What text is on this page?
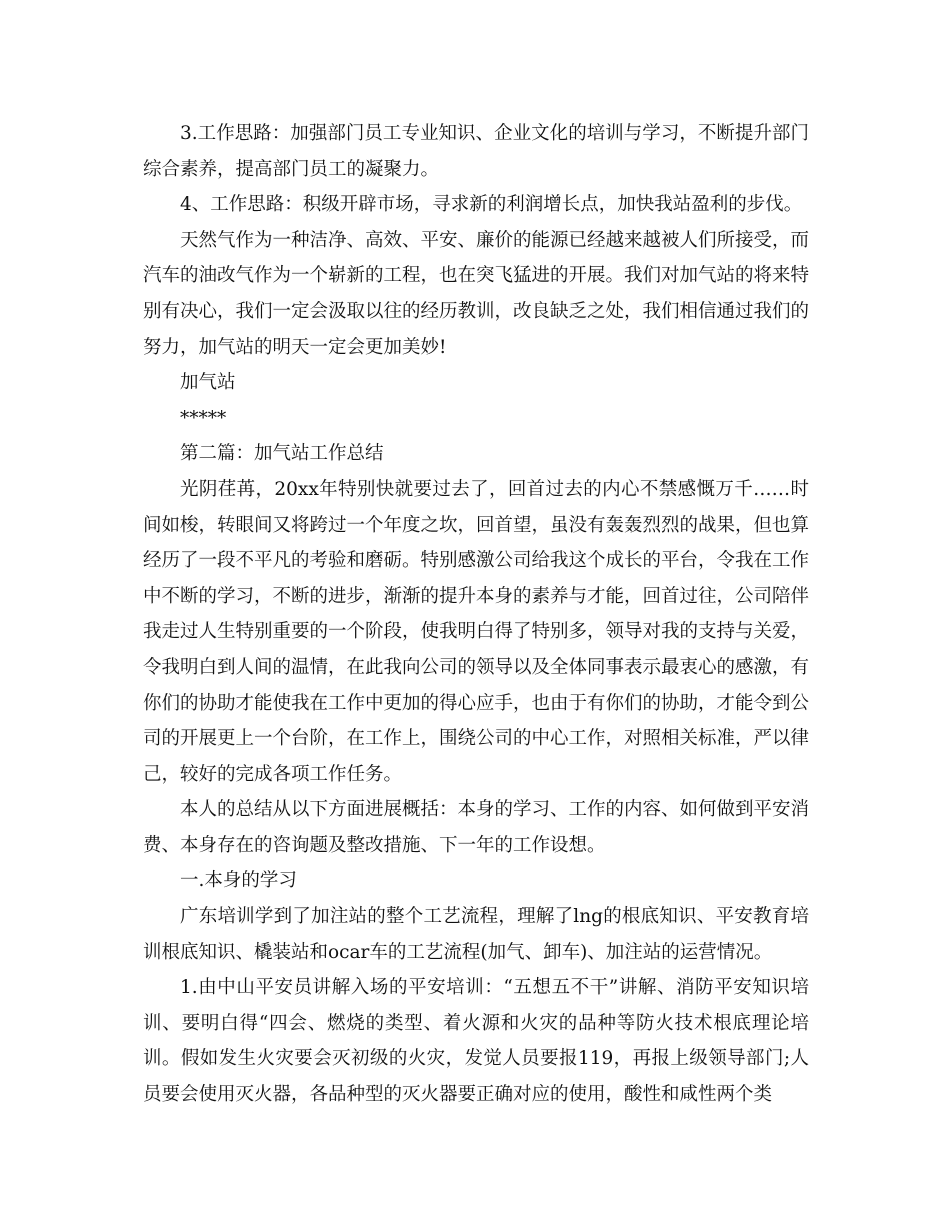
3.工作思路：加强部门员工专业知识、企业文化的培训与学习，不断提升部门综合素养，提高部门员工的凝聚力。

4、工作思路：积级开辟市场，寻求新的利润增长点，加快我站盈利的步伐。

天然气作为一种洁净、高效、平安、廉价的能源已经越来越被人们所接受，而汽车的油改气作为一个崭新的工程，也在突飞猛进的开展。我们对加气站的将来特别有决心，我们一定会汲取以往的经历教训，改良缺乏之处，我们相信通过我们的努力，加气站的明天一定会更加美妙!

加气站

*****

第二篇：加气站工作总结

光阴荏苒，20xx年特别快就要过去了，回首过去的内心不禁感慨万千……时间如梭，转眼间又将跨过一个年度之坎，回首望，虽没有轰轰烈烈的战果，但也算经历了一段不平凡的考验和磨砺。特别感激公司给我这个成长的平台，令我在工作中不断的学习，不断的进步，渐渐的提升本身的素养与才能，回首过往，公司陪伴我走过人生特别重要的一个阶段，使我明白得了特别多，领导对我的支持与关爱，令我明白到人间的温情，在此我向公司的领导以及全体同事表示最衷心的感激，有你们的协助才能使我在工作中更加的得心应手，也由于有你们的协助，才能令到公司的开展更上一个台阶，在工作上，围绕公司的中心工作，对照相关标准，严以律己，较好的完成各项工作任务。

本人的总结从以下方面进展概括：本身的学习、工作的内容、如何做到平安消费、本身存在的咨询题及整改措施、下一年的工作设想。

一.本身的学习

广东培训学到了加注站的整个工艺流程，理解了lng的根底知识、平安教育培训根底知识、橇装站和ocar车的工艺流程(加气、卸车)、加注站的运营情况。

1.由中山平安员讲解入场的平安培训：“五想五不干”讲解、消防平安知识培训、要明白得“四会、燃烧的类型、着火源和火灾的品种等防火技术根底理论培训。假如发生火灾要会灭初级的火灾，发觉人员要报119，再报上级领导部门;人员要会使用灭火器，各品种型的灭火器要正确对应的使用，酸性和咸性两个类
